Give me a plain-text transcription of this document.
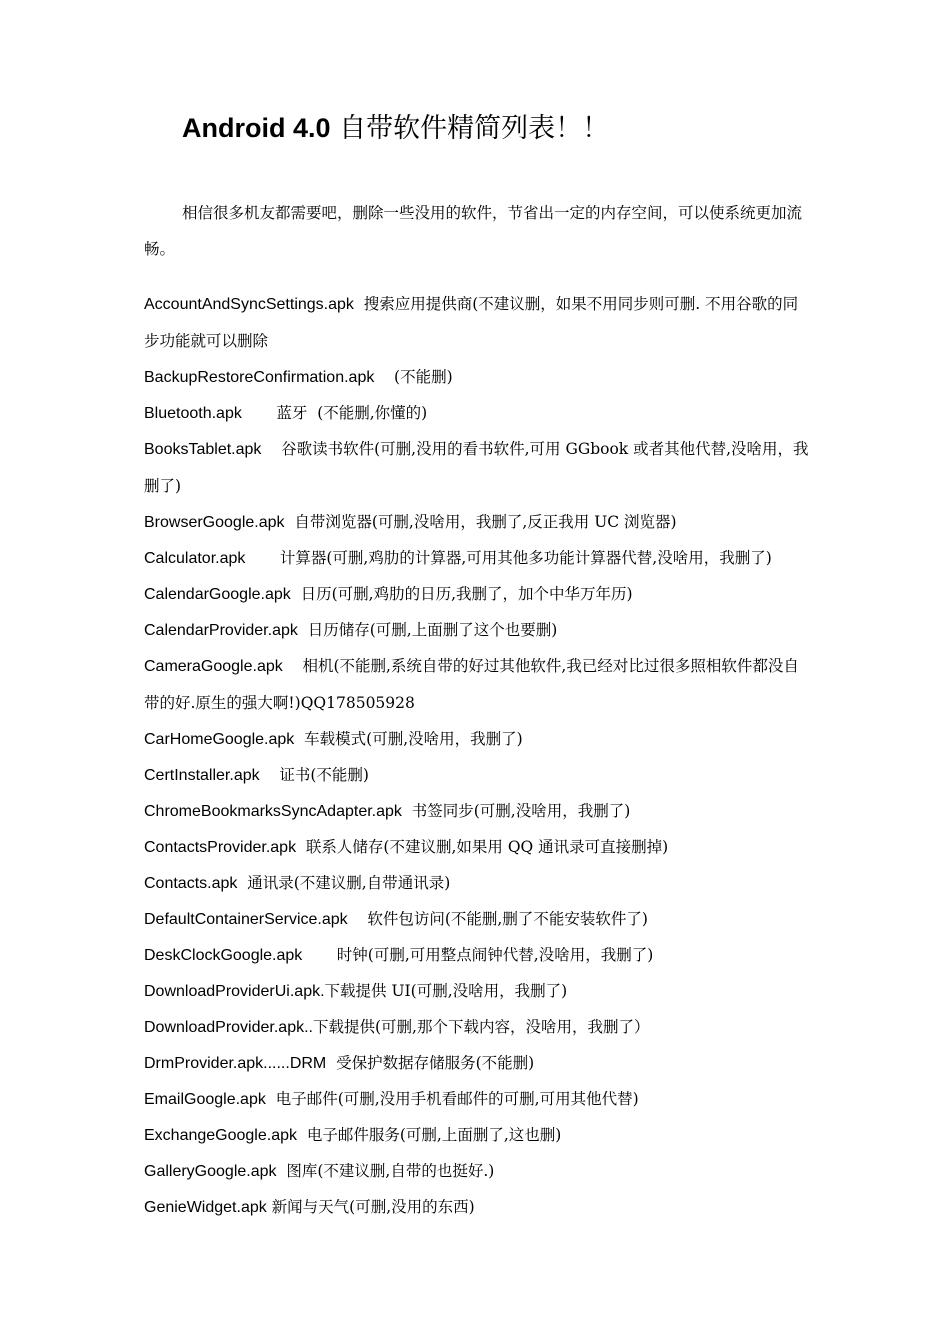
Android 4.0 自带软件精简列表！！

相信很多机友都需要吧，删除一些没用的软件，节省出一定的内存空间，可以使系统更加流畅。

AccountAndSyncSettings.apk  搜索应用提供商(不建议删，如果不用同步则可删. 不用谷歌的同步功能就可以删除
BackupRestoreConfirmation.apk    (不能删)
Bluetooth.apk       蓝牙  (不能删,你懂的)
BooksTablet.apk    谷歌读书软件(可删,没用的看书软件,可用 GGbook 或者其他代替,没啥用，我删了)
BrowserGoogle.apk  自带浏览器(可删,没啥用，我删了,反正我用 UC 浏览器)
Calculator.apk       计算器(可删,鸡肋的计算器,可用其他多功能计算器代替,没啥用，我删了)
CalendarGoogle.apk  日历(可删,鸡肋的日历,我删了，加个中华万年历)
CalendarProvider.apk  日历储存(可删,上面删了这个也要删)
CameraGoogle.apk    相机(不能删,系统自带的好过其他软件,我已经对比过很多照相软件都没自带的好.原生的强大啊!)QQ178505928
CarHomeGoogle.apk  车载模式(可删,没啥用，我删了)
CertInstaller.apk    证书(不能删)
ChromeBookmarksSyncAdapter.apk  书签同步(可删,没啥用，我删了)
ContactsProvider.apk  联系人储存(不建议删,如果用 QQ 通讯录可直接删掉)
Contacts.apk  通讯录(不建议删,自带通讯录)
DefaultContainerService.apk    软件包访问(不能删,删了不能安装软件了)
DeskClockGoogle.apk       时钟(可删,可用整点闹钟代替,没啥用，我删了)
DownloadProviderUi.apk.下载提供 UI(可删,没啥用，我删了)
DownloadProvider.apk..下载提供(可删,那个下载内容，没啥用，我删了）
DrmProvider.apk......DRM  受保护数据存储服务(不能删)
EmailGoogle.apk  电子邮件(可删,没用手机看邮件的可删,可用其他代替)
ExchangeGoogle.apk  电子邮件服务(可删,上面删了,这也删)
GalleryGoogle.apk  图库(不建议删,自带的也挺好.)
GenieWidget.apk 新闻与天气(可删,没用的东西)
